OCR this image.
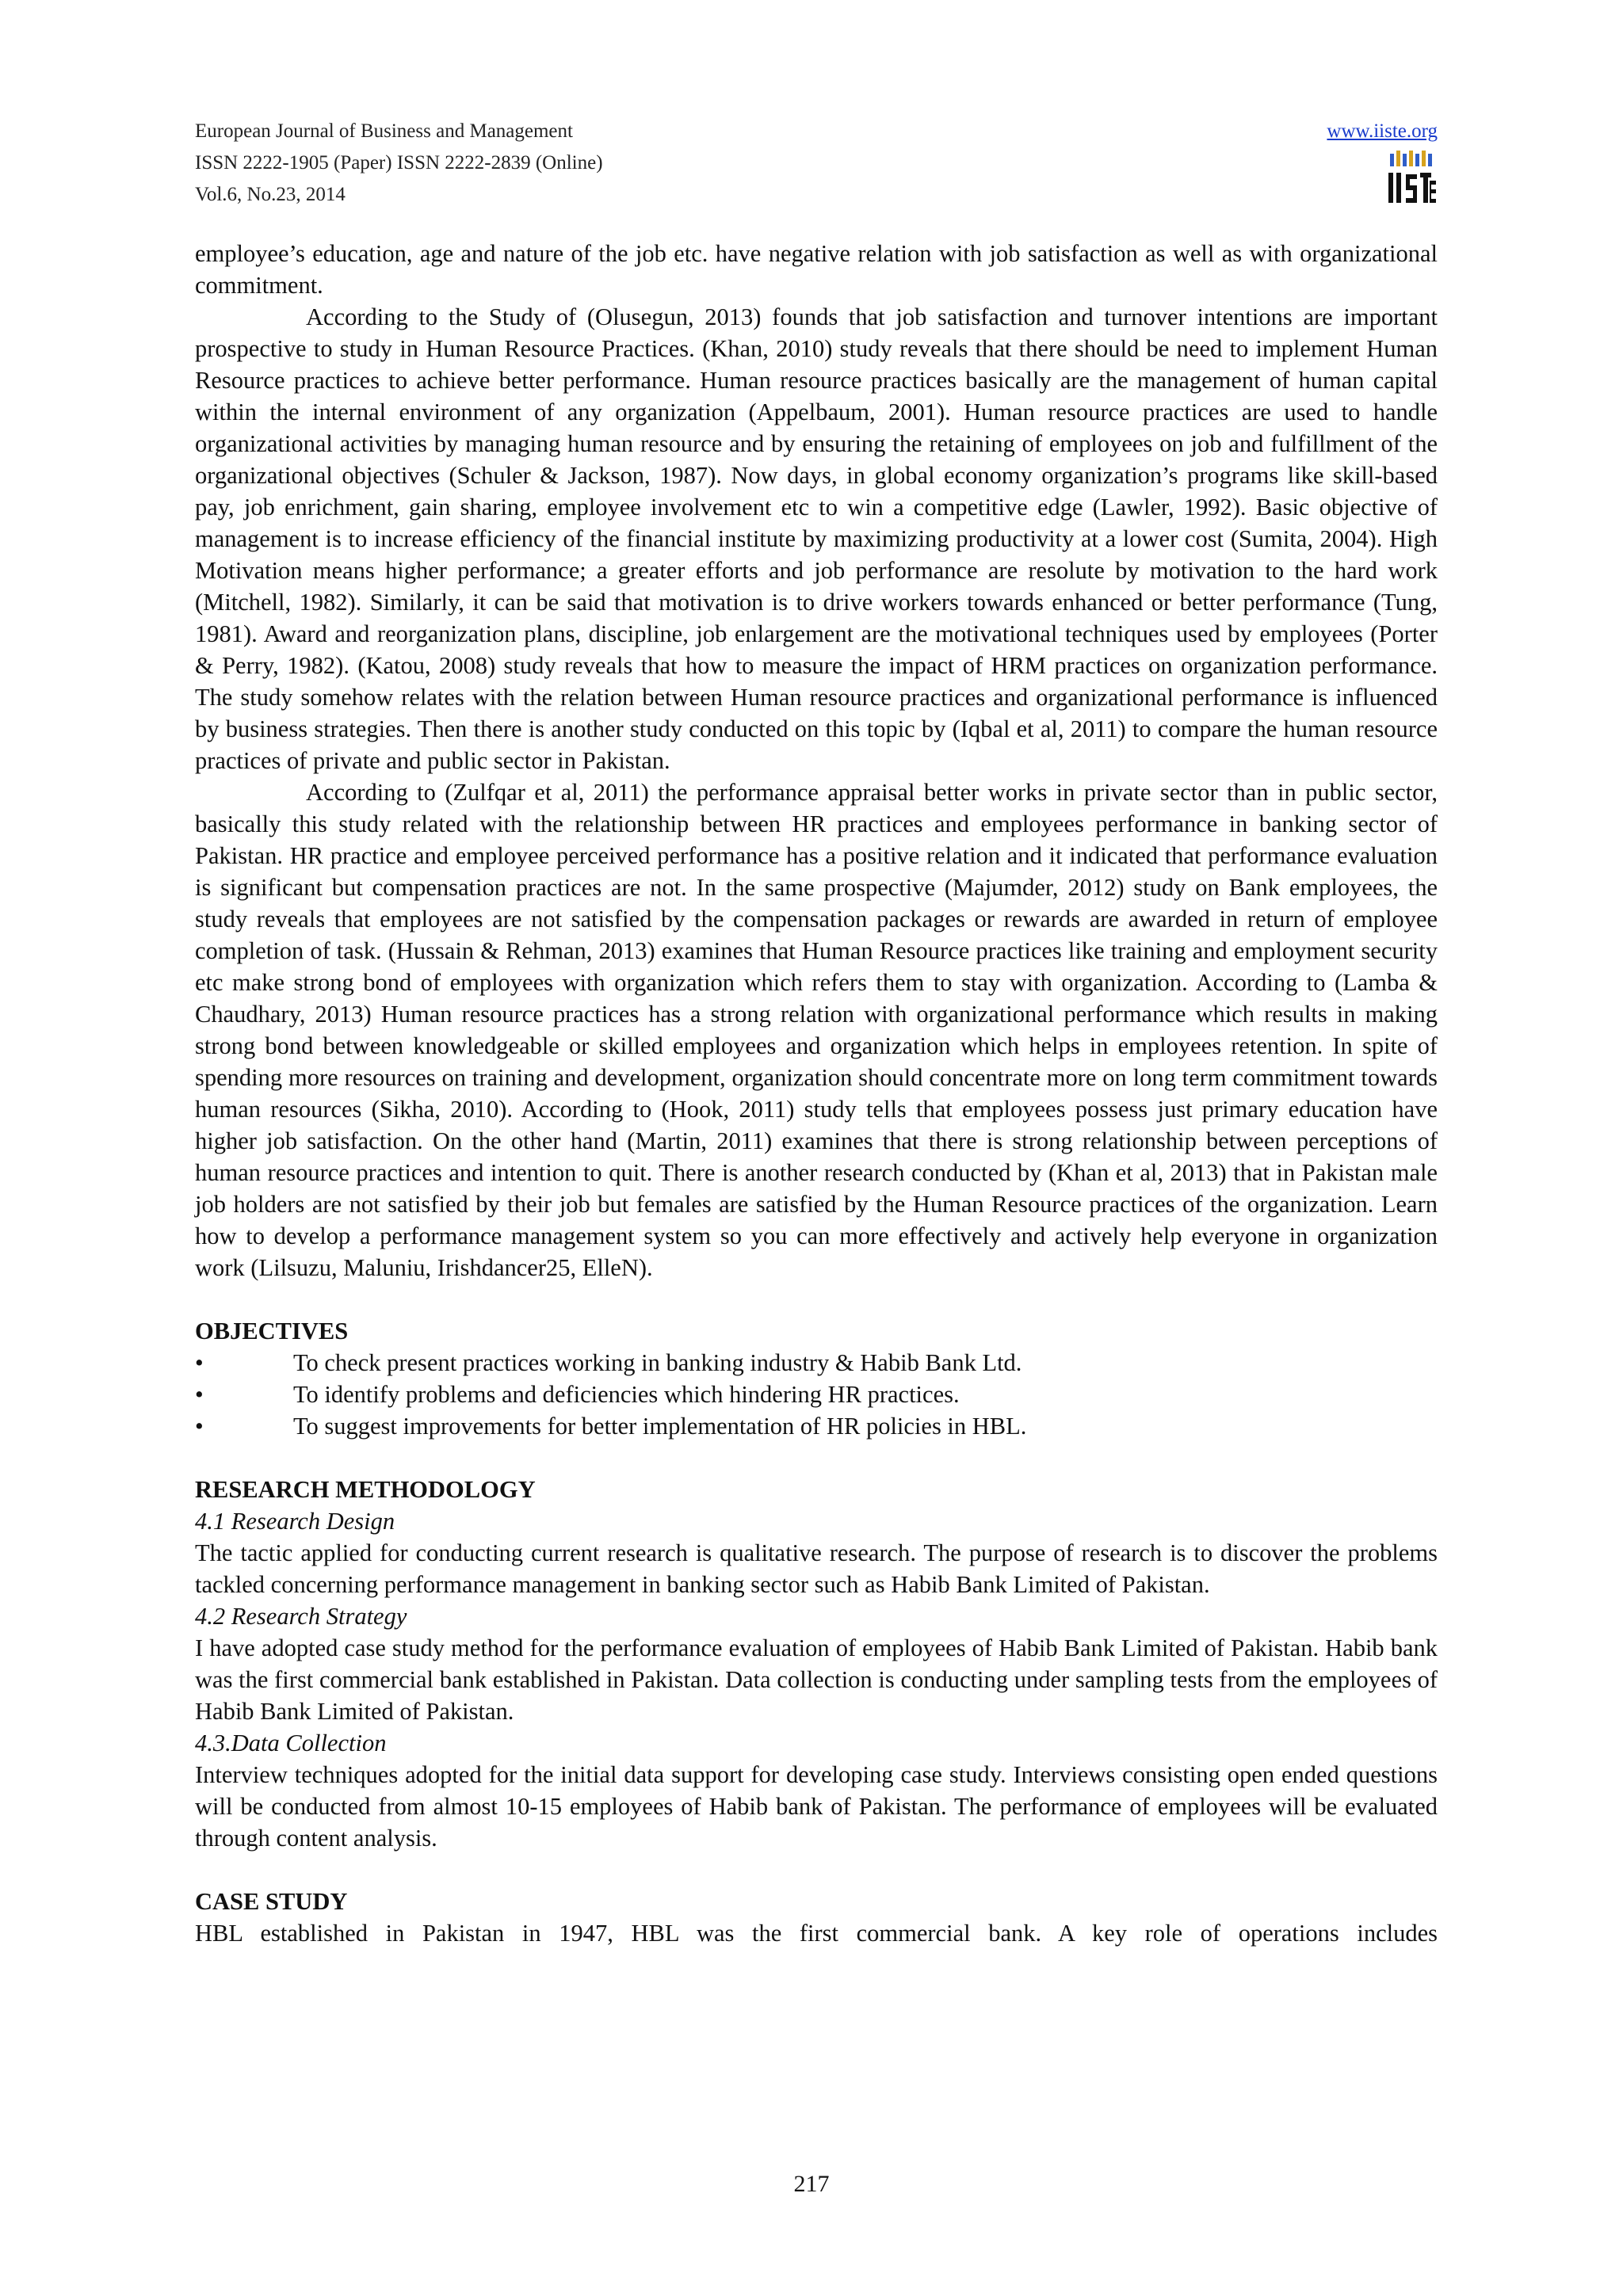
European Journal of Business and Management
ISSN 2222-1905 (Paper) ISSN 2222-2839 (Online)
Vol.6, No.23, 2014
www.iiste.org

employee’s education, age and nature of the job etc. have negative relation with job satisfaction as well as with organizational commitment.

According to the Study of (Olusegun, 2013) founds that job satisfaction and turnover intentions are important prospective to study in Human Resource Practices. (Khan, 2010) study reveals that there should be need to implement Human Resource practices to achieve better performance. Human resource practices basically are the management of human capital within the internal environment of any organization (Appelbaum, 2001). Human resource practices are used to handle organizational activities by managing human resource and by ensuring the retaining of employees on job and fulfillment of the organizational objectives (Schuler & Jackson, 1987). Now days, in global economy organization’s programs like skill-based pay, job enrichment, gain sharing, employee involvement etc to win a competitive edge (Lawler, 1992). Basic objective of management is to increase efficiency of the financial institute by maximizing productivity at a lower cost (Sumita, 2004). High Motivation means higher performance; a greater efforts and job performance are resolute by motivation to the hard work (Mitchell, 1982). Similarly, it can be said that motivation is to drive workers towards enhanced or better performance (Tung, 1981). Award and reorganization plans, discipline, job enlargement are the motivational techniques used by employees (Porter & Perry, 1982). (Katou, 2008) study reveals that how to measure the impact of HRM practices on organization performance. The study somehow relates with the relation between Human resource practices and organizational performance is influenced by business strategies. Then there is another study conducted on this topic by (Iqbal et al, 2011) to compare the human resource practices of private and public sector in Pakistan.

According to (Zulfqar et al, 2011) the performance appraisal better works in private sector than in public sector, basically this study related with the relationship between HR practices and employees performance in banking sector of Pakistan. HR practice and employee perceived performance has a positive relation and it indicated that performance evaluation is significant but compensation practices are not. In the same prospective (Majumder, 2012) study on Bank employees, the study reveals that employees are not satisfied by the compensation packages or rewards are awarded in return of employee completion of task. (Hussain & Rehman, 2013) examines that Human Resource practices like training and employment security etc make strong bond of employees with organization which refers them to stay with organization. According to (Lamba & Chaudhary, 2013) Human resource practices has a strong relation with organizational performance which results in making strong bond between knowledgeable or skilled employees and organization which helps in employees retention. In spite of spending more resources on training and development, organization should concentrate more on long term commitment towards human resources (Sikha, 2010). According to (Hook, 2011) study tells that employees possess just primary education have higher job satisfaction. On the other hand (Martin, 2011) examines that there is strong relationship between perceptions of human resource practices and intention to quit. There is another research conducted by (Khan et al, 2013) that in Pakistan male job holders are not satisfied by their job but females are satisfied by the Human Resource practices of the organization. Learn how to develop a performance management system so you can more effectively and actively help everyone in organization work (Lilsuzu, Maluniu, Irishdancer25, ElleN).

OBJECTIVES

•	To check present practices working in banking industry & Habib Bank Ltd.
•	To identify problems and deficiencies which hindering HR practices.
•	To suggest improvements for better implementation of HR policies in HBL.

RESEARCH METHODOLOGY

4.1 Research Design

The tactic applied for conducting current research is qualitative research. The purpose of research is to discover the problems tackled concerning performance management in banking sector such as Habib Bank Limited of Pakistan.

4.2 Research Strategy

I have adopted case study method for the performance evaluation of employees of Habib Bank Limited of Pakistan. Habib bank was the first commercial bank established in Pakistan. Data collection is conducting under sampling tests from the employees of Habib Bank Limited of Pakistan.

4.3.Data Collection

Interview techniques adopted for the initial data support for developing case study. Interviews consisting open ended questions will be conducted from almost 10-15 employees of Habib bank of Pakistan. The performance of employees will be evaluated through content analysis.

CASE STUDY

HBL established in Pakistan in 1947, HBL was the first commercial bank. A key role of operations includes

217
